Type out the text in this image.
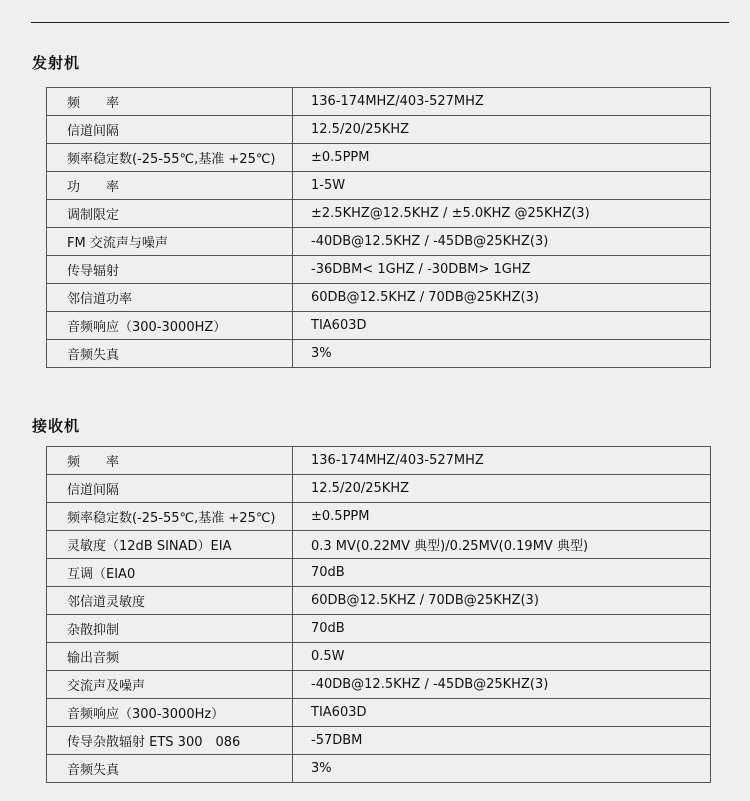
发射机
频　　率	136-174MHZ/403-527MHZ
信道间隔	12.5/20/25KHZ
频率稳定数(-25-55℃,基准 +25℃)	±0.5PPM
功　　率	1-5W
调制限定	±2.5KHZ@12.5KHZ / ±5.0KHZ @25KHZ(3)
FM 交流声与噪声	-40DB@12.5KHZ / -45DB@25KHZ(3)
传导辐射	-36DBM< 1GHZ / -30DBM> 1GHZ
邻信道功率	60DB@12.5KHZ / 70DB@25KHZ(3)
音频响应（300-3000HZ）	TIA603D
音频失真	3%
接收机
频　　率	136-174MHZ/403-527MHZ
信道间隔	12.5/20/25KHZ
频率稳定数(-25-55℃,基准 +25℃)	±0.5PPM
灵敏度（12dB SINAD）EIA	0.3 MV(0.22MV 典型)/0.25MV(0.19MV 典型)
互调（EIA0	70dB
邻信道灵敏度	60DB@12.5KHZ / 70DB@25KHZ(3)
杂散抑制	70dB
输出音频	0.5W
交流声及噪声	-40DB@12.5KHZ / -45DB@25KHZ(3)
音频响应（300-3000Hz）	TIA603D
传导杂散辐射 ETS 300　086	-57DBM
音频失真	3%
